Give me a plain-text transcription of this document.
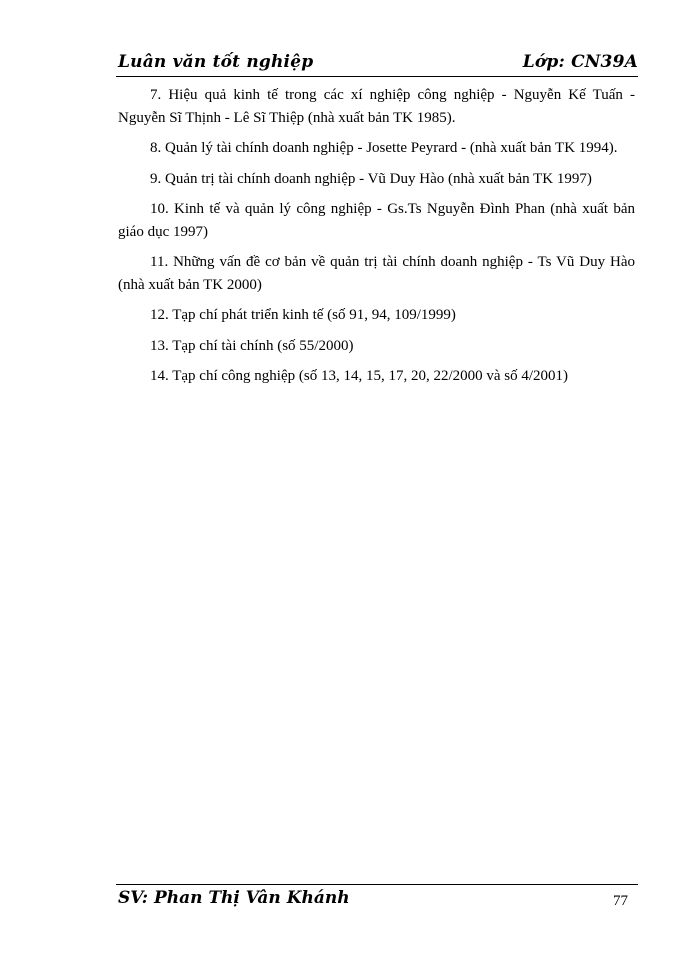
Luân văn tốt nghiệp	Lớp: CN39A

7. Hiệu quả kinh tế trong các xí nghiệp công nghiệp - Nguyễn Kế Tuấn - Nguyễn Sĩ Thịnh - Lê Sĩ Thiệp (nhà xuất bản TK 1985).

8. Quản lý tài chính doanh nghiệp - Josette Peyrard - (nhà xuất bản TK 1994).

9. Quản trị tài chính doanh nghiệp - Vũ Duy Hào (nhà xuất bản TK 1997)

10. Kinh tế và quản lý công nghiệp - Gs.Ts Nguyễn Đình Phan (nhà xuất bản giáo dục 1997)

11. Những vấn đề cơ bản về quản trị tài chính doanh nghiệp - Ts Vũ Duy Hào (nhà xuất bản TK 2000)

12. Tạp chí phát triển kinh tế (số 91, 94, 109/1999)

13. Tạp chí tài chính (số 55/2000)

14. Tạp chí công nghiệp (số 13, 14, 15, 17, 20, 22/2000 và số 4/2001)

SV: Phan Thị Vân Khánh	77
